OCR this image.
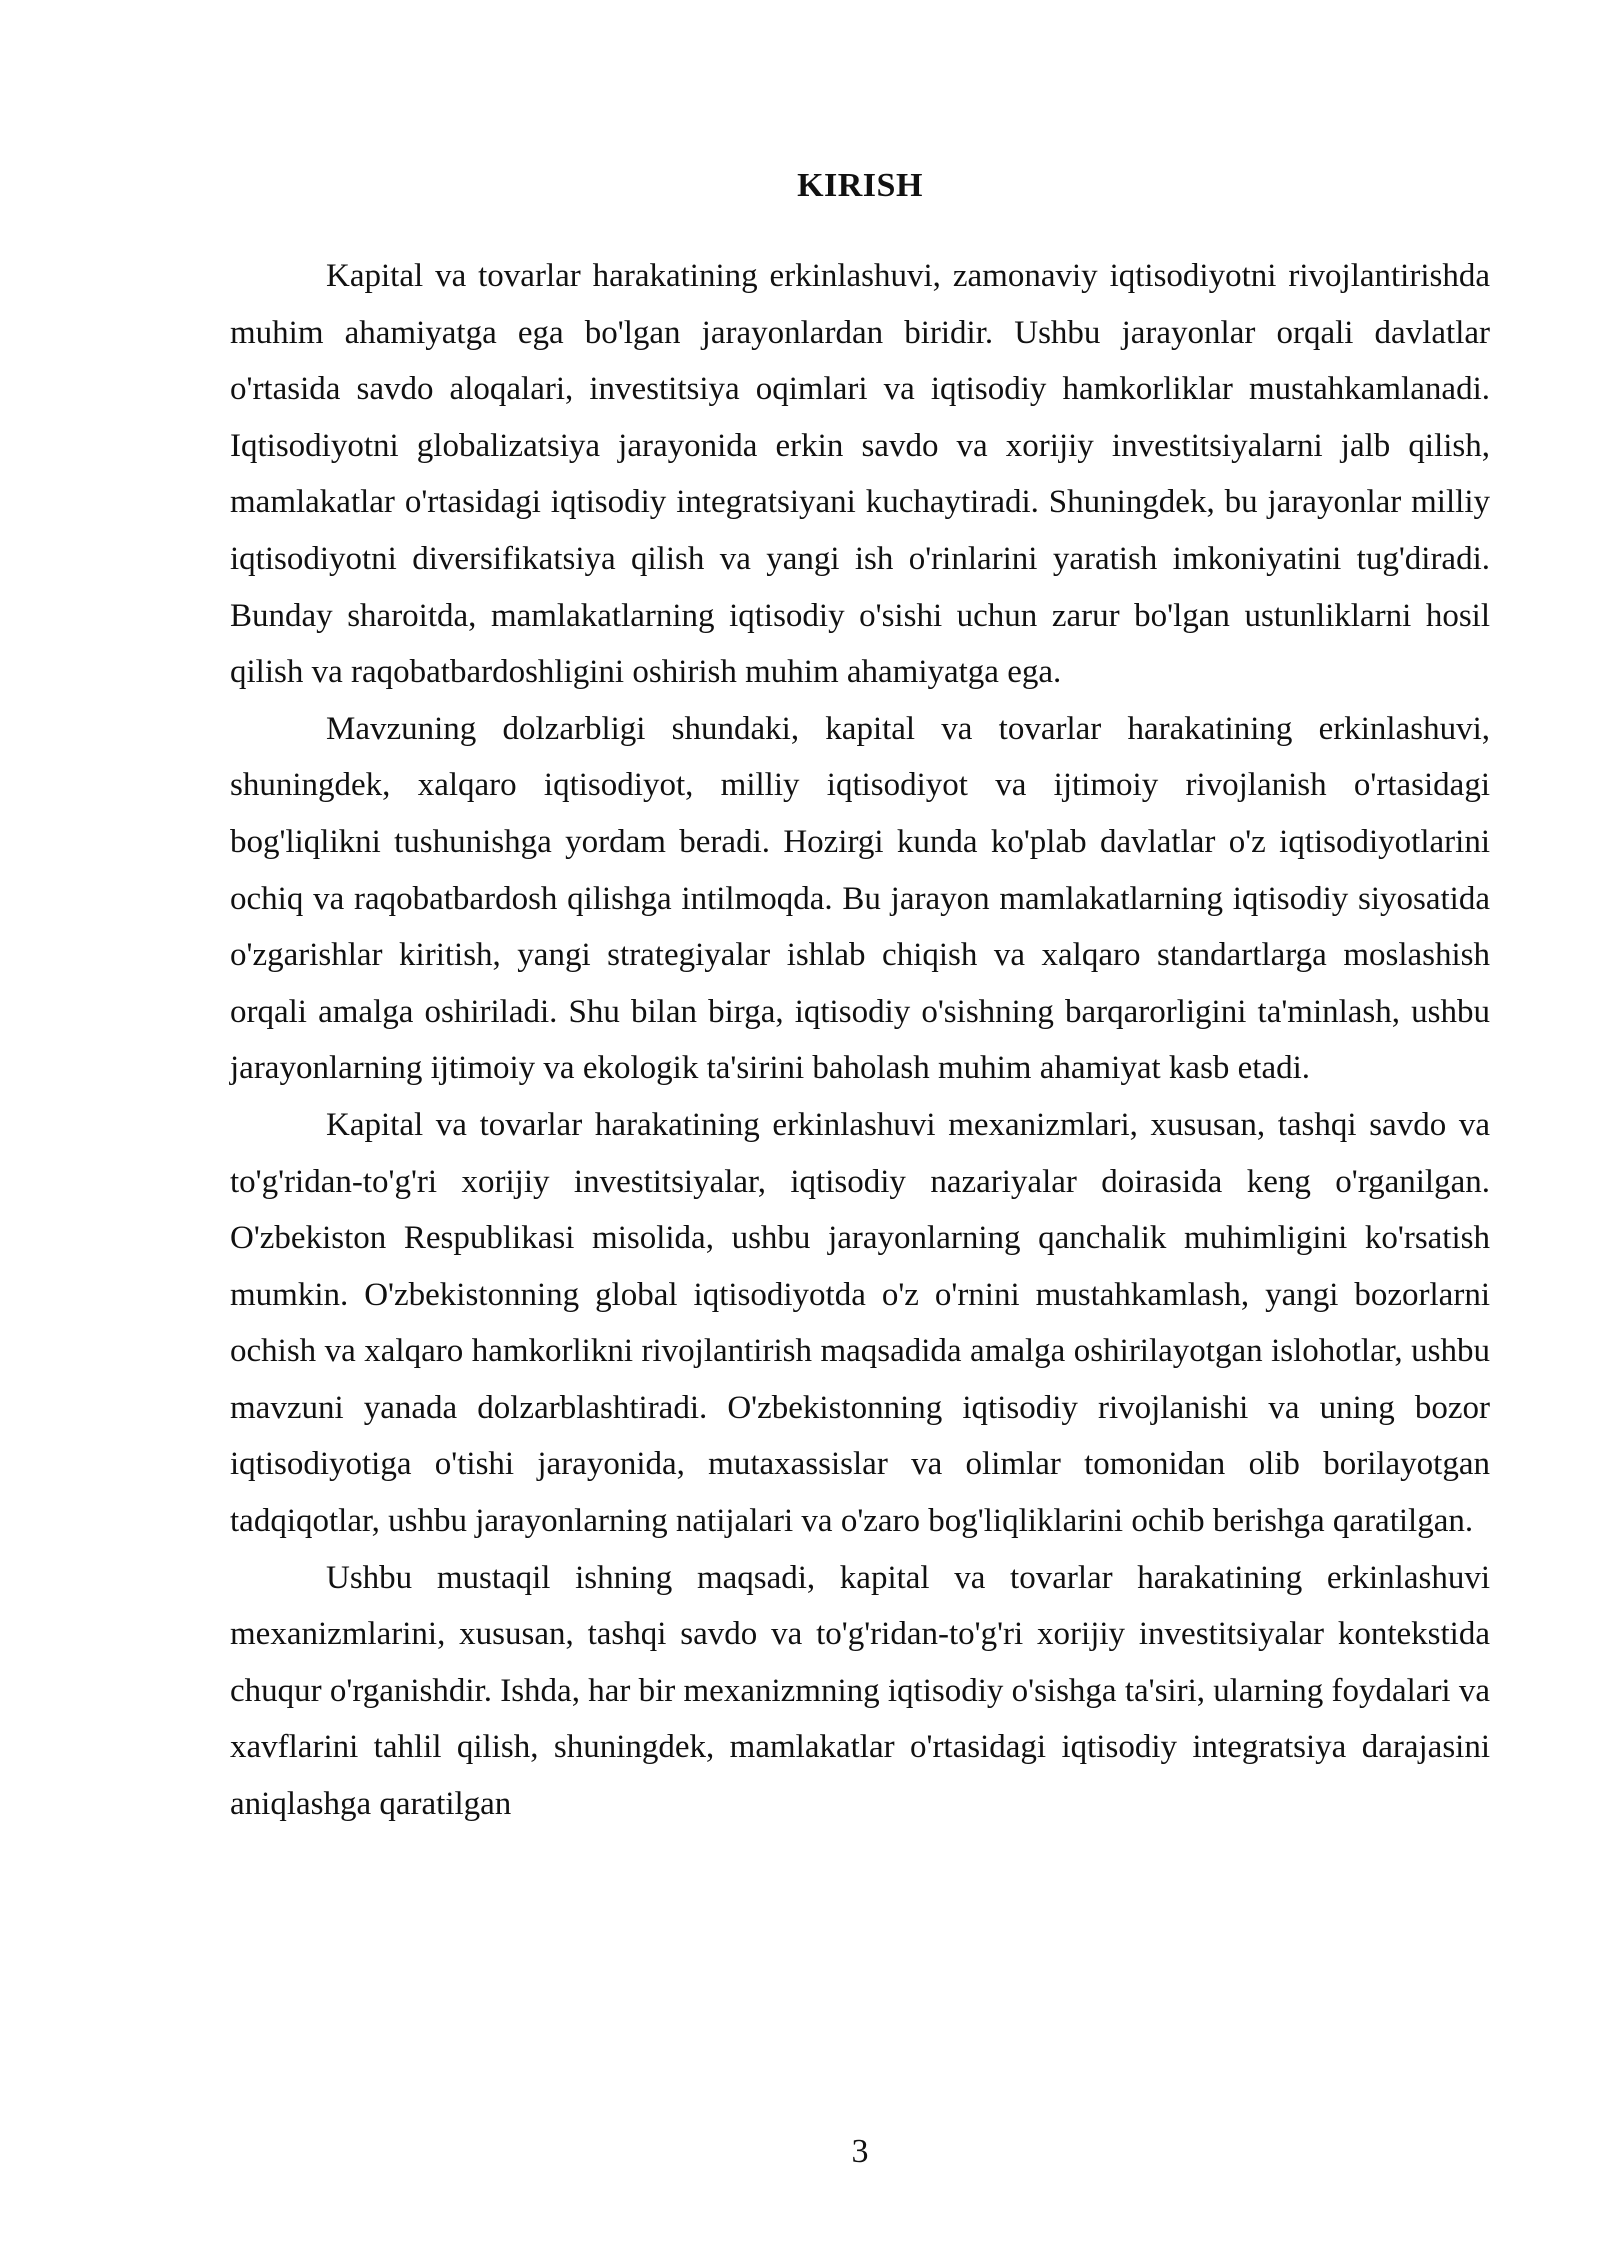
KIRISH

Kapital va tovarlar harakatining erkinlashuvi, zamonaviy iqtisodiyotni rivojlantirishda muhim ahamiyatga ega bo'lgan jarayonlardan biridir. Ushbu jarayonlar orqali davlatlar o'rtasida savdo aloqalari, investitsiya oqimlari va iqtisodiy hamkorliklar mustahkamlanadi. Iqtisodiyotni globalizatsiya jarayonida erkin savdo va xorijiy investitsiyalarni jalb qilish, mamlakatlar o'rtasidagi iqtisodiy integratsiyani kuchaytiradi. Shuningdek, bu jarayonlar milliy iqtisodiyotni diversifikatsiya qilish va yangi ish o'rinlarini yaratish imkoniyatini tug'diradi. Bunday sharoitda, mamlakatlarning iqtisodiy o'sishi uchun zarur bo'lgan ustunliklarni hosil qilish va raqobatbardoshligini oshirish muhim ahamiyatga ega.

Mavzuning dolzarbligi shundaki, kapital va tovarlar harakatining erkinlashuvi, shuningdek, xalqaro iqtisodiyot, milliy iqtisodiyot va ijtimoiy rivojlanish o'rtasidagi bog'liqlikni tushunishga yordam beradi. Hozirgi kunda ko'plab davlatlar o'z iqtisodiyotlarini ochiq va raqobatbardosh qilishga intilmoqda. Bu jarayon mamlakatlarning iqtisodiy siyosatida o'zgarishlar kiritish, yangi strategiyalar ishlab chiqish va xalqaro standartlarga moslashish orqali amalga oshiriladi. Shu bilan birga, iqtisodiy o'sishning barqarorligini ta'minlash, ushbu jarayonlarning ijtimoiy va ekologik ta'sirini baholash muhim ahamiyat kasb etadi.

Kapital va tovarlar harakatining erkinlashuvi mexanizmlari, xususan, tashqi savdo va to'g'ridan-to'g'ri xorijiy investitsiyalar, iqtisodiy nazariyalar doirasida keng o'rganilgan. O'zbekiston Respublikasi misolida, ushbu jarayonlarning qanchalik muhimligini ko'rsatish mumkin. O'zbekistonning global iqtisodiyotda o'z o'rnini mustahkamlash, yangi bozorlarni ochish va xalqaro hamkorlikni rivojlantirish maqsadida amalga oshirilayotgan islohotlar, ushbu mavzuni yanada dolzarblashtiradi. O'zbekistonning iqtisodiy rivojlanishi va uning bozor iqtisodiyotiga o'tishi jarayonida, mutaxassislar va olimlar tomonidan olib borilayotgan tadqiqotlar, ushbu jarayonlarning natijalari va o'zaro bog'liqliklarini ochib berishga qaratilgan.

Ushbu mustaqil ishning maqsadi, kapital va tovarlar harakatining erkinlashuvi mexanizmlarini, xususan, tashqi savdo va to'g'ridan-to'g'ri xorijiy investitsiyalar kontekstida chuqur o'rganishdir. Ishda, har bir mexanizmning iqtisodiy o'sishga ta'siri, ularning foydalari va xavflarini tahlil qilish, shuningdek, mamlakatlar o'rtasidagi iqtisodiy integratsiya darajasini aniqlashga qaratilgan

3
